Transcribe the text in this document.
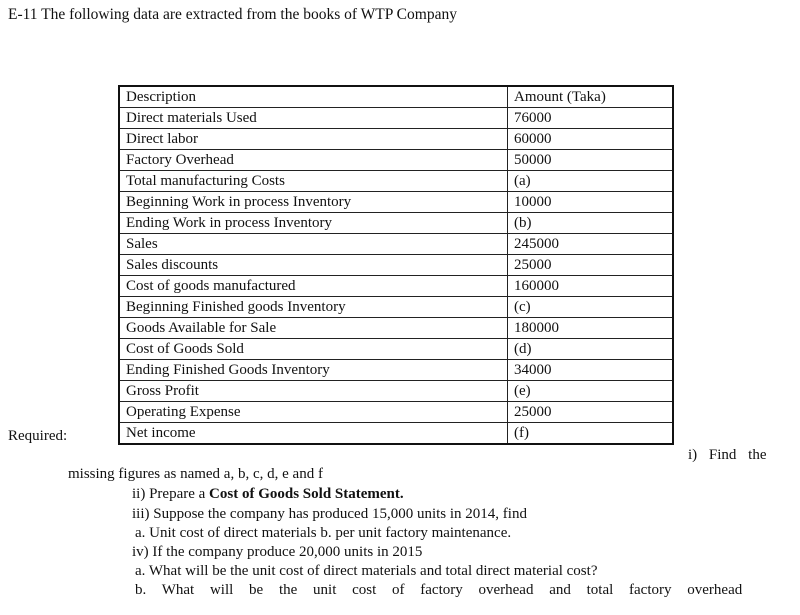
E-11 The following data are extracted from the books of WTP Company
Description	Amount (Taka)
Direct materials Used	76000
Direct labor	60000
Factory Overhead	50000
Total manufacturing Costs	(a)
Beginning Work in process Inventory	10000
Ending Work in process Inventory	(b)
Sales	245000
Sales discounts	25000
Cost of goods manufactured	160000
Beginning Finished goods Inventory	(c)
Goods Available for Sale	180000
Cost of Goods Sold	(d)
Ending Finished Goods Inventory	34000
Gross Profit	(e)
Operating Expense	25000
Net income	(f)
Required:
i) Find the
missing figures as named a, b, c, d, e and f
ii) Prepare a Cost of Goods Sold Statement.
iii) Suppose the company has produced 15,000 units in 2014, find
a. Unit cost of direct materials b. per unit factory maintenance.
iv) If the company produce 20,000 units in 2015
a. What will be the unit cost of direct materials and total direct material cost?
b. What will be the unit cost of factory overhead and total factory overhead
